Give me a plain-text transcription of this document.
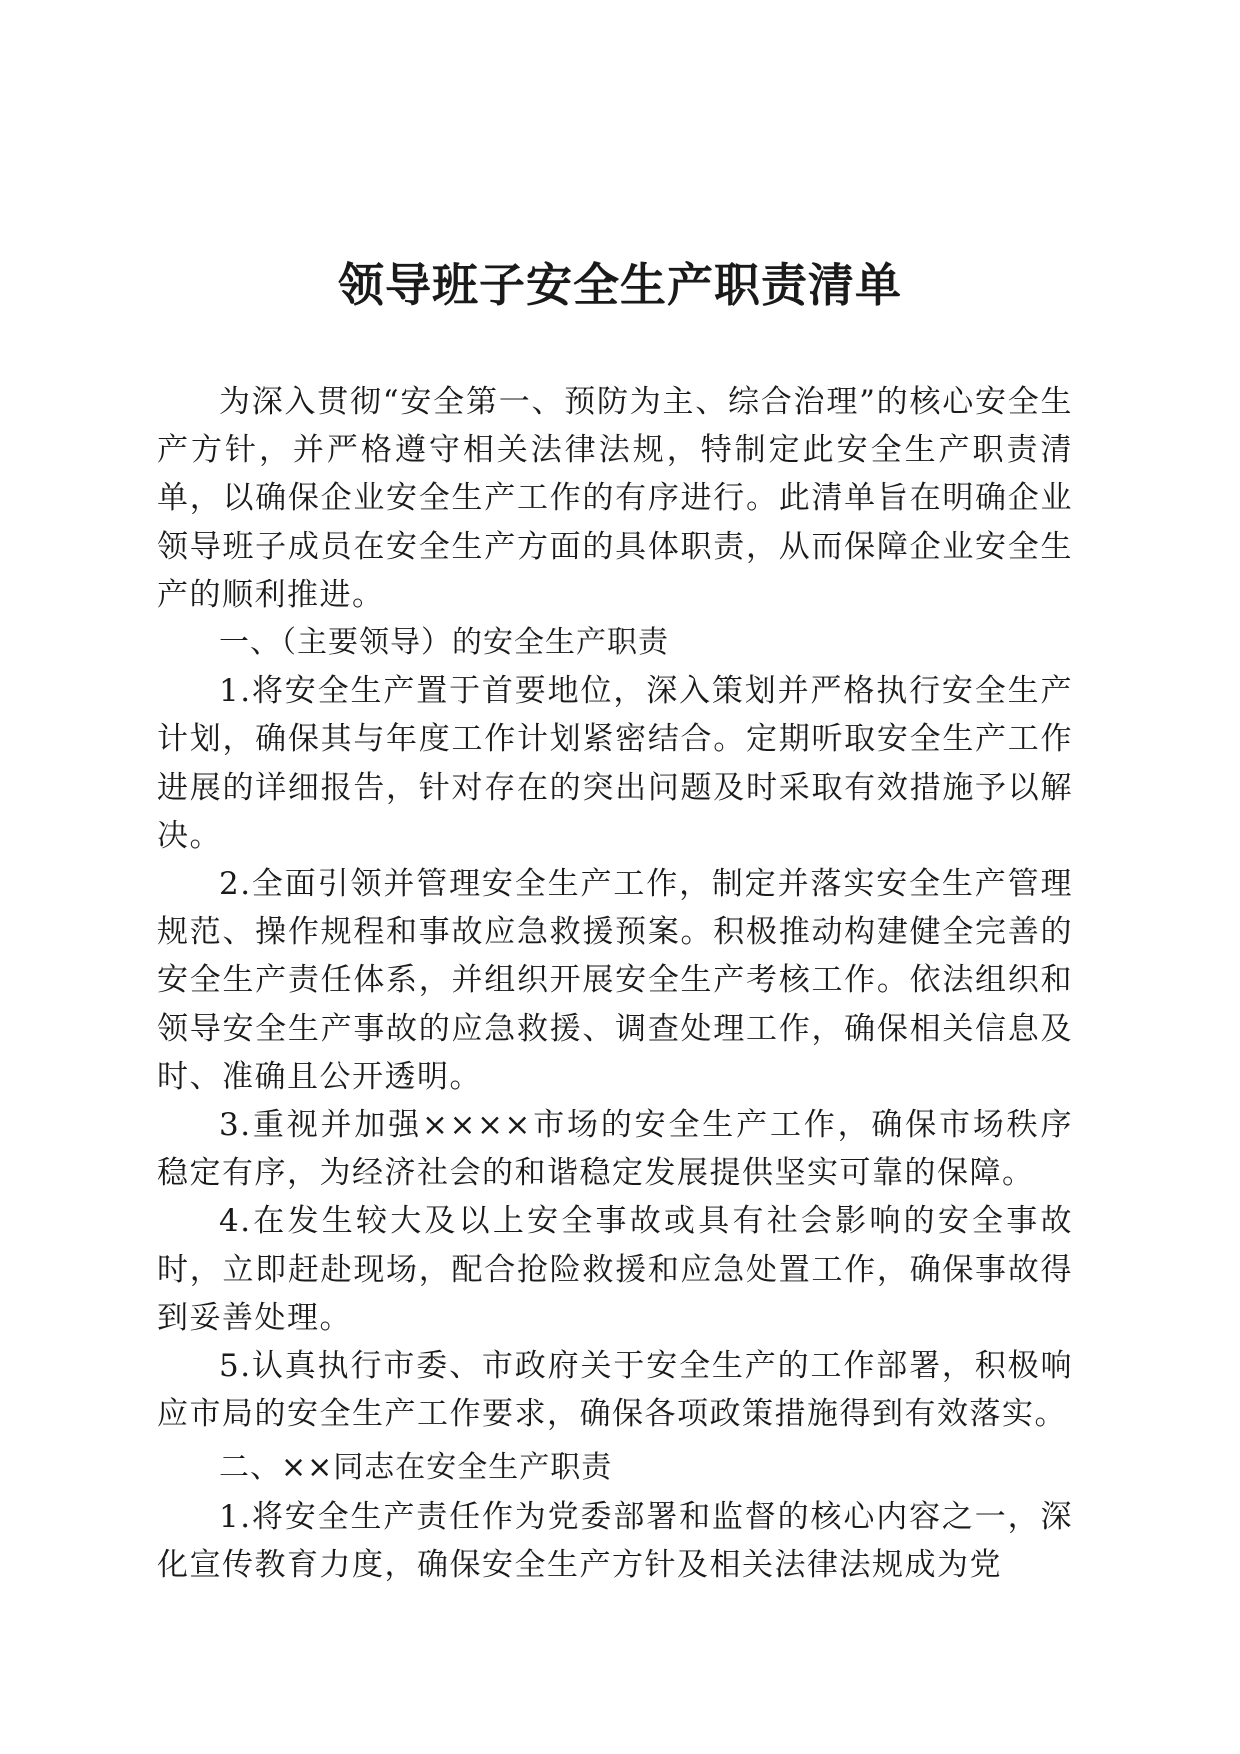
领导班子安全生产职责清单

为深入贯彻“安全第一、预防为主、综合治理”的核心安全生产方针，并严格遵守相关法律法规，特制定此安全生产职责清单，以确保企业安全生产工作的有序进行。此清单旨在明确企业领导班子成员在安全生产方面的具体职责，从而保障企业安全生产的顺利推进。

一、（主要领导）的安全生产职责

1.将安全生产置于首要地位，深入策划并严格执行安全生产计划，确保其与年度工作计划紧密结合。定期听取安全生产工作进展的详细报告，针对存在的突出问题及时采取有效措施予以解决。

2.全面引领并管理安全生产工作，制定并落实安全生产管理规范、操作规程和事故应急救援预案。积极推动构建健全完善的安全生产责任体系，并组织开展安全生产考核工作。依法组织和领导安全生产事故的应急救援、调查处理工作，确保相关信息及时、准确且公开透明。

3.重视并加强××××市场的安全生产工作，确保市场秩序稳定有序，为经济社会的和谐稳定发展提供坚实可靠的保障。

4.在发生较大及以上安全事故或具有社会影响的安全事故时，立即赶赴现场，配合抢险救援和应急处置工作，确保事故得到妥善处理。

5.认真执行市委、市政府关于安全生产的工作部署，积极响应市局的安全生产工作要求，确保各项政策措施得到有效落实。

二、××同志在安全生产职责

1.将安全生产责任作为党委部署和监督的核心内容之一，深化宣传教育力度，确保安全生产方针及相关法律法规成为党
